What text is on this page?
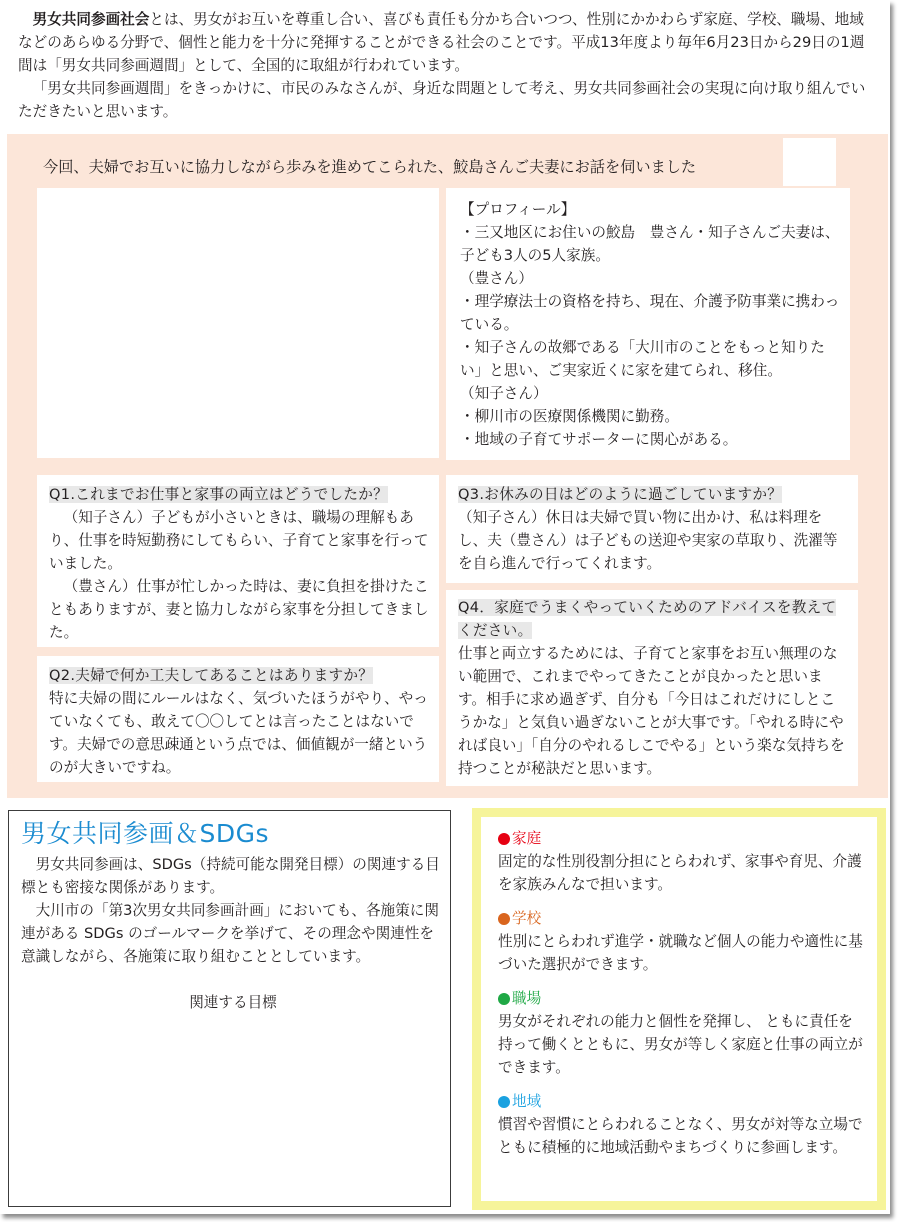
男女共同参画社会とは、男女がお互いを尊重し合い、喜びも責任も分かち合いつつ、性別にかかわらず家庭、学校、職場、地域などのあらゆる分野で、個性と能力を十分に発揮することができる社会のことです。平成13年度より毎年6月23日から29日の1週間は「男女共同参画週間」として、全国的に取組が行われています。

「男女共同参画週間」をきっかけに、市民のみなさんが、身近な問題として考え、男女共同参画社会の実現に向け取り組んでいただきたいと思います。

今回、夫婦でお互いに協力しながら歩みを進めてこられた、鮫島さんご夫妻にお話を伺いました

【プロフィール】

・三又地区にお住いの鮫島　豊さん・知子さんご夫妻は、子ども3人の5人家族。

（豊さん）

・理学療法士の資格を持ち、現在、介護予防事業に携わっている。

・知子さんの故郷である「大川市のことをもっと知りたい」と思い、ご実家近くに家を建てられ、移住。

（知子さん）

・柳川市の医療関係機関に勤務。

・地域の子育てサポーターに関心がある。

Q1.これまでお仕事と家事の両立はどうでしたか？

（知子さん）子どもが小さいときは、職場の理解もあり、仕事を時短勤務にしてもらい、子育てと家事を行っていました。

（豊さん）仕事が忙しかった時は、妻に負担を掛けたこともありますが、妻と協力しながら家事を分担してきました。

Q2.夫婦で何か工夫してあることはありますか？

特に夫婦の間にルールはなく、気づいたほうがやり、やっていなくても、敢えて〇〇してとは言ったことはないです。夫婦での意思疎通という点では、価値観が一緒というのが大きいですね。

Q3.お休みの日はどのように過ごしていますか？

（知子さん）休日は夫婦で買い物に出かけ、私は料理をし、夫（豊さん）は子どもの送迎や実家の草取り、洗濯等を自ら進んで行ってくれます。

Q4．家庭でうまくやっていくためのアドバイスを教えてください。

仕事と両立するためには、子育てと家事をお互い無理のない範囲で、これまでやってきたことが良かったと思います。相手に求め過ぎず、自分も「今日はこれだけにしとこうかな」と気負い過ぎないことが大事です。「やれる時にやれば良い」「自分のやれるしこでやる」という楽な気持ちを持つことが秘訣だと思います。

男女共同参画＆SDGs

男女共同参画は、SDGs（持続可能な開発目標）の関連する目標とも密接な関係があります。

大川市の「第3次男女共同参画計画」においても、各施策に関連がある SDGs のゴールマークを挙げて、その理念や関連性を意識しながら、各施策に取り組むこととしています。

関連する目標

家庭

固定的な性別役割分担にとらわれず、家事や育児、介護を家族みんなで担います。

学校

性別にとらわれず進学・就職など個人の能力や適性に基づいた選択ができます。

職場

男女がそれぞれの能力と個性を発揮し、 ともに責任を持って働くとともに、男女が等しく家庭と仕事の両立ができます。

地域

慣習や習慣にとらわれることなく、男女が対等な立場でともに積極的に地域活動やまちづくりに参画します。
